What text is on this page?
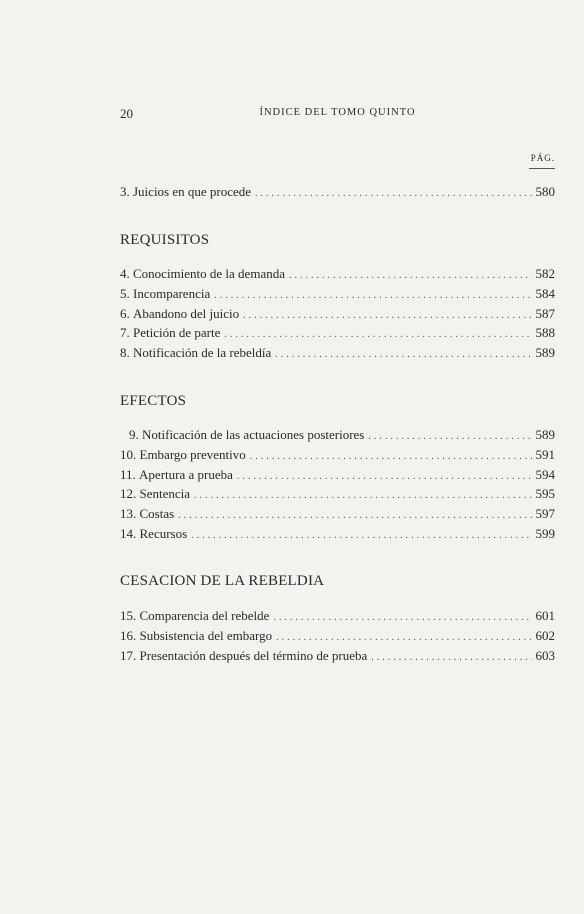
20	ÍNDICE DEL TOMO QUINTO
PÁG.
3.
Juicios en que procede .....	580
REQUISITOS
4.
Conocimiento de la demanda .....	582
5.
Incomparencia .....	584
6.
Abandono del juicio .....	587
7.
Petición de parte .....	588
8.
Notificación de la rebeldía .....	589
EFECTOS
9.
Notificación de las actuaciones posteriores .....	589
10.
Embargo preventivo .....	591
11.
Apertura a prueba .....	594
12.
Sentencia .....	595
13.
Costas .....	597
14.
Recursos .....	599
CESACION DE LA REBELDIA
15.
Comparencia del rebelde .....	601
16.
Subsistencia del embargo .....	602
17.
Presentación después del término de prueba .....	603
